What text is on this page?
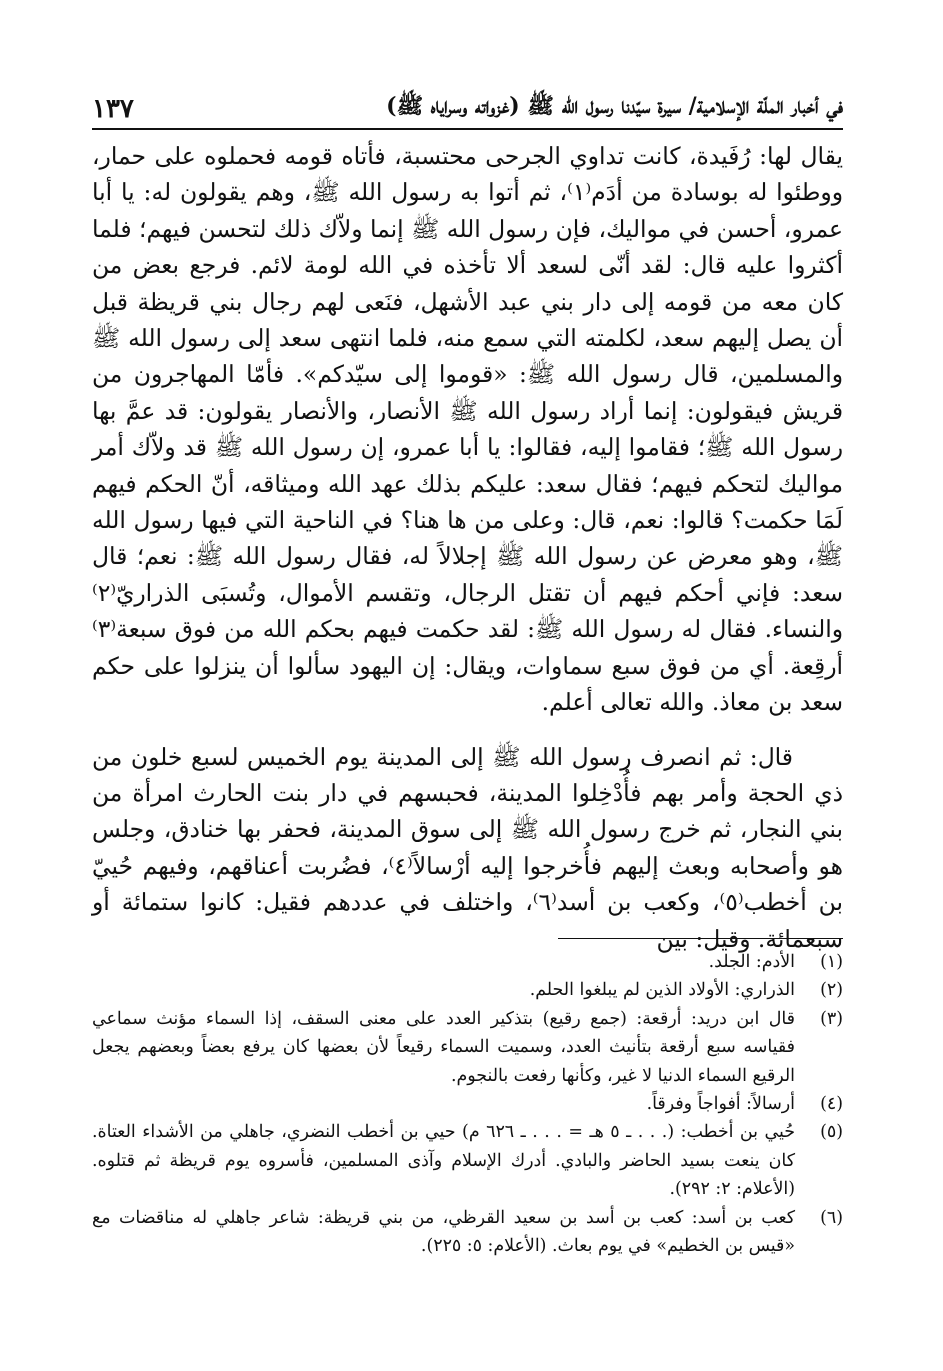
في أخبار الملّة الإسلامية/ سيرة سيّدنا رسول الله ﷺ (غزواته وسراياه ﷺ)
١٣٧

يقال لها: رُفَيدة، كانت تداوي الجرحى محتسبة، فأتاه قومه فحملوه على حمار، ووطئوا له بوسادة من أدَم⁽١⁾، ثم أتوا به رسول الله ﷺ، وهم يقولون له: يا أبا عمرو، أحسن في مواليك، فإن رسول الله ﷺ إنما ولاّك ذلك لتحسن فيهم؛ فلما أكثروا عليه قال: لقد أنّى لسعد ألا تأخذه في الله لومة لائم. فرجع بعض من كان معه من قومه إلى دار بني عبد الأشهل، فنَعى لهم رجال بني قريظة قبل أن يصل إليهم سعد، لكلمته التي سمع منه، فلما انتهى سعد إلى رسول الله ﷺ والمسلمين، قال رسول الله ﷺ: «قوموا إلى سيّدكم». فأمّا المهاجرون من قريش فيقولون: إنما أراد رسول الله ﷺ الأنصار، والأنصار يقولون: قد عمَّ بها رسول الله ﷺ؛ فقاموا إليه، فقالوا: يا أبا عمرو، إن رسول الله ﷺ قد ولاّك أمر مواليك لتحكم فيهم؛ فقال سعد: عليكم بذلك عهد الله وميثاقه، أنّ الحكم فيهم لَمَا حكمت؟ قالوا: نعم، قال: وعلى من ها هنا؟ في الناحية التي فيها رسول الله ﷺ، وهو معرض عن رسول الله ﷺ إجلالاً له، فقال رسول الله ﷺ: نعم؛ قال سعد: فإني أحكم فيهم أن تقتل الرجال، وتقسم الأموال، وتُسبَى الذراريّ⁽٢⁾ والنساء. فقال له رسول الله ﷺ: لقد حكمت فيهم بحكم الله من فوق سبعة⁽٣⁾ أرقِعة. أي من فوق سبع سماوات، ويقال: إن اليهود سألوا أن ينزلوا على حكم سعد بن معاذ. والله تعالى أعلم.

قال: ثم انصرف رسول الله ﷺ إلى المدينة يوم الخميس لسبع خلون من ذي الحجة وأمر بهم فأُدْخِلوا المدينة، فحبسهم في دار بنت الحارث امرأة من بني النجار، ثم خرج رسول الله ﷺ إلى سوق المدينة، فحفر بها خنادق، وجلس هو وأصحابه وبعث إليهم فأُخرجوا إليه أرْسالاً⁽٤⁾، فضُربت أعناقهم، وفيهم حُييّ بن أخطب⁽٥⁾، وكعب بن أسد⁽٦⁾، واختلف في عددهم فقيل: كانوا ستمائة أو سبعمائة. وقيل: بين

(١)
الأدم: الجلد.
(٢)
الذراري: الأولاد الذين لم يبلغوا الحلم.
(٣)
قال ابن دريد: أرقعة: (جمع رقيع) بتذكير العدد على معنى السقف، إذا السماء مؤنث سماعي فقياسه سبع أرقعة بتأنيث العدد، وسميت السماء رقيعاً لأن بعضها كان يرفع بعضاً وبعضهم يجعل الرقيع السماء الدنيا لا غير، وكأنها رفعت بالنجوم.
(٤)
أرسالاً: أفواجاً وفرقاً.
(٥)
حُيي بن أخطب: (. . . ـ ٥ هـ = . . . ـ ٦٢٦ م) حيي بن أخطب النضري، جاهلي من الأشداء العتاة. كان ينعت بسيد الحاضر والبادي. أدرك الإسلام وآذى المسلمين، فأسروه يوم قريظة ثم قتلوه. (الأعلام: ٢: ٢٩٢).
(٦)
كعب بن أسد: كعب بن أسد بن سعيد القرظي، من بني قريظة: شاعر جاهلي له مناقضات مع «قيس بن الخطيم» في يوم بعاث. (الأعلام: ٥: ٢٢٥).
